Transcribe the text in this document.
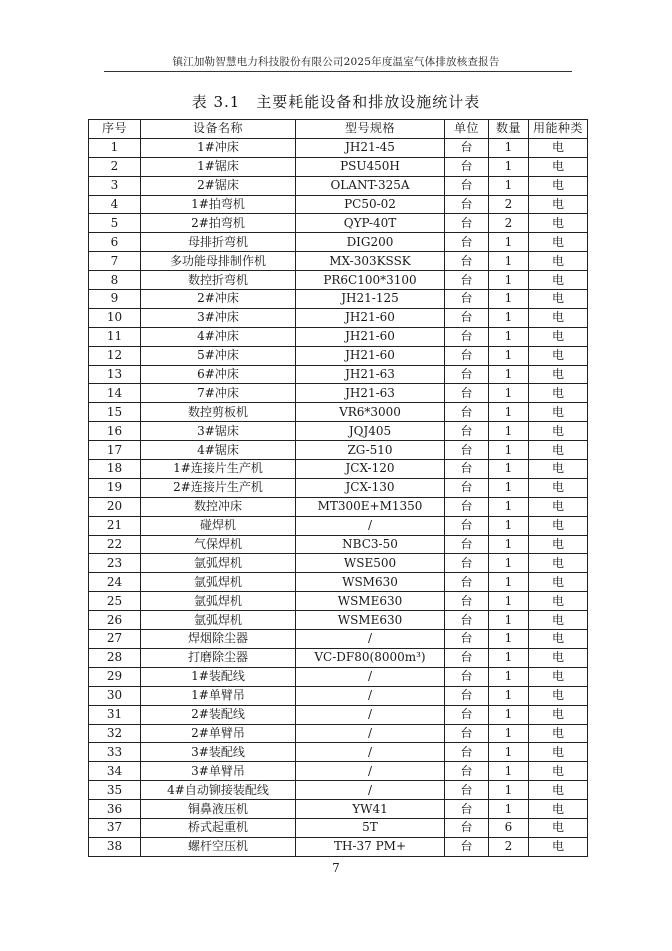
镇江加勒智慧电力科技股份有限公司2025年度温室气体排放核查报告
表 3.1　主要耗能设备和排放设施统计表
序号	设备名称	型号规格	单位	数量	用能种类
1	1#冲床	JH21-45	台	1	电
2	1#锯床	PSU450H	台	1	电
3	2#锯床	OLANT-325A	台	1	电
4	1#拍弯机	PC50-02	台	2	电
5	2#拍弯机	QYP-40T	台	2	电
6	母排折弯机	DIG200	台	1	电
7	多功能母排制作机	MX-303KSSK	台	1	电
8	数控折弯机	PR6C100*3100	台	1	电
9	2#冲床	JH21-125	台	1	电
10	3#冲床	JH21-60	台	1	电
11	4#冲床	JH21-60	台	1	电
12	5#冲床	JH21-60	台	1	电
13	6#冲床	JH21-63	台	1	电
14	7#冲床	JH21-63	台	1	电
15	数控剪板机	VR6*3000	台	1	电
16	3#锯床	JQJ405	台	1	电
17	4#锯床	ZG-510	台	1	电
18	1#连接片生产机	JCX-120	台	1	电
19	2#连接片生产机	JCX-130	台	1	电
20	数控冲床	MT300E+M1350	台	1	电
21	碰焊机	/	台	1	电
22	气保焊机	NBC3-50	台	1	电
23	氩弧焊机	WSE500	台	1	电
24	氩弧焊机	WSM630	台	1	电
25	氩弧焊机	WSME630	台	1	电
26	氩弧焊机	WSME630	台	1	电
27	焊烟除尘器	/	台	1	电
28	打磨除尘器	VC-DF80(8000m³)	台	1	电
29	1#装配线	/	台	1	电
30	1#单臂吊	/	台	1	电
31	2#装配线	/	台	1	电
32	2#单臂吊	/	台	1	电
33	3#装配线	/	台	1	电
34	3#单臂吊	/	台	1	电
35	4#自动铆接装配线	/	台	1	电
36	铜鼻液压机	YW41	台	1	电
37	桥式起重机	5T	台	6	电
38	螺杆空压机	TH-37 PM+	台	2	电
7
